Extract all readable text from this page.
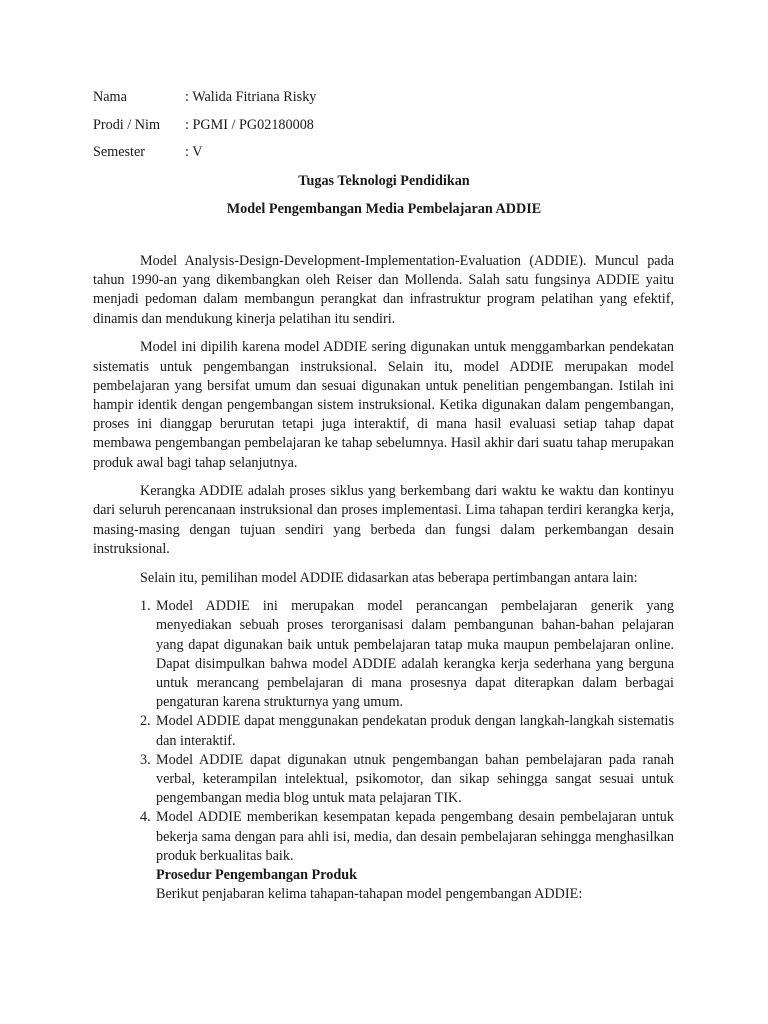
Nama	: Walida Fitriana Risky
Prodi / Nim	: PGMI / PG02180008
Semester	: V
Tugas Teknologi Pendidikan
Model Pengembangan Media Pembelajaran ADDIE

Model Analysis-Design-Development-Implementation-Evaluation (ADDIE). Muncul pada tahun 1990-an yang dikembangkan oleh Reiser dan Mollenda. Salah satu fungsinya ADDIE yaitu menjadi pedoman dalam membangun perangkat dan infrastruktur program pelatihan yang efektif, dinamis dan mendukung kinerja pelatihan itu sendiri.

Model ini dipilih karena model ADDIE sering digunakan untuk menggambarkan pendekatan sistematis untuk pengembangan instruksional. Selain itu, model ADDIE merupakan model pembelajaran yang bersifat umum dan sesuai digunakan untuk penelitian pengembangan. Istilah ini hampir identik dengan pengembangan sistem instruksional. Ketika digunakan dalam pengembangan, proses ini dianggap berurutan tetapi juga interaktif, di mana hasil evaluasi setiap tahap dapat membawa pengembangan pembelajaran ke tahap sebelumnya. Hasil akhir dari suatu tahap merupakan produk awal bagi tahap selanjutnya.

Kerangka ADDIE adalah proses siklus yang berkembang dari waktu ke waktu dan kontinyu dari seluruh perencanaan instruksional dan proses implementasi. Lima tahapan terdiri kerangka kerja, masing-masing dengan tujuan sendiri yang berbeda dan fungsi dalam perkembangan desain instruksional.

Selain itu, pemilihan model ADDIE didasarkan atas beberapa pertimbangan antara lain:

1. Model ADDIE ini merupakan model perancangan pembelajaran generik yang menyediakan sebuah proses terorganisasi dalam pembangunan bahan-bahan pelajaran yang dapat digunakan baik untuk pembelajaran tatap muka maupun pembelajaran online. Dapat disimpulkan bahwa model ADDIE adalah kerangka kerja sederhana yang berguna untuk merancang pembelajaran di mana prosesnya dapat diterapkan dalam berbagai pengaturan karena strukturnya yang umum.
2. Model ADDIE dapat menggunakan pendekatan produk dengan langkah-langkah sistematis dan interaktif.
3. Model ADDIE dapat digunakan utnuk pengembangan bahan pembelajaran pada ranah verbal, keterampilan intelektual, psikomotor, dan sikap sehingga sangat sesuai untuk pengembangan media blog untuk mata pelajaran TIK.
4. Model ADDIE memberikan kesempatan kepada pengembang desain pembelajaran untuk bekerja sama dengan para ahli isi, media, dan desain pembelajaran sehingga menghasilkan produk berkualitas baik.
Prosedur Pengembangan Produk
Berikut penjabaran kelima tahapan-tahapan model pengembangan ADDIE:
